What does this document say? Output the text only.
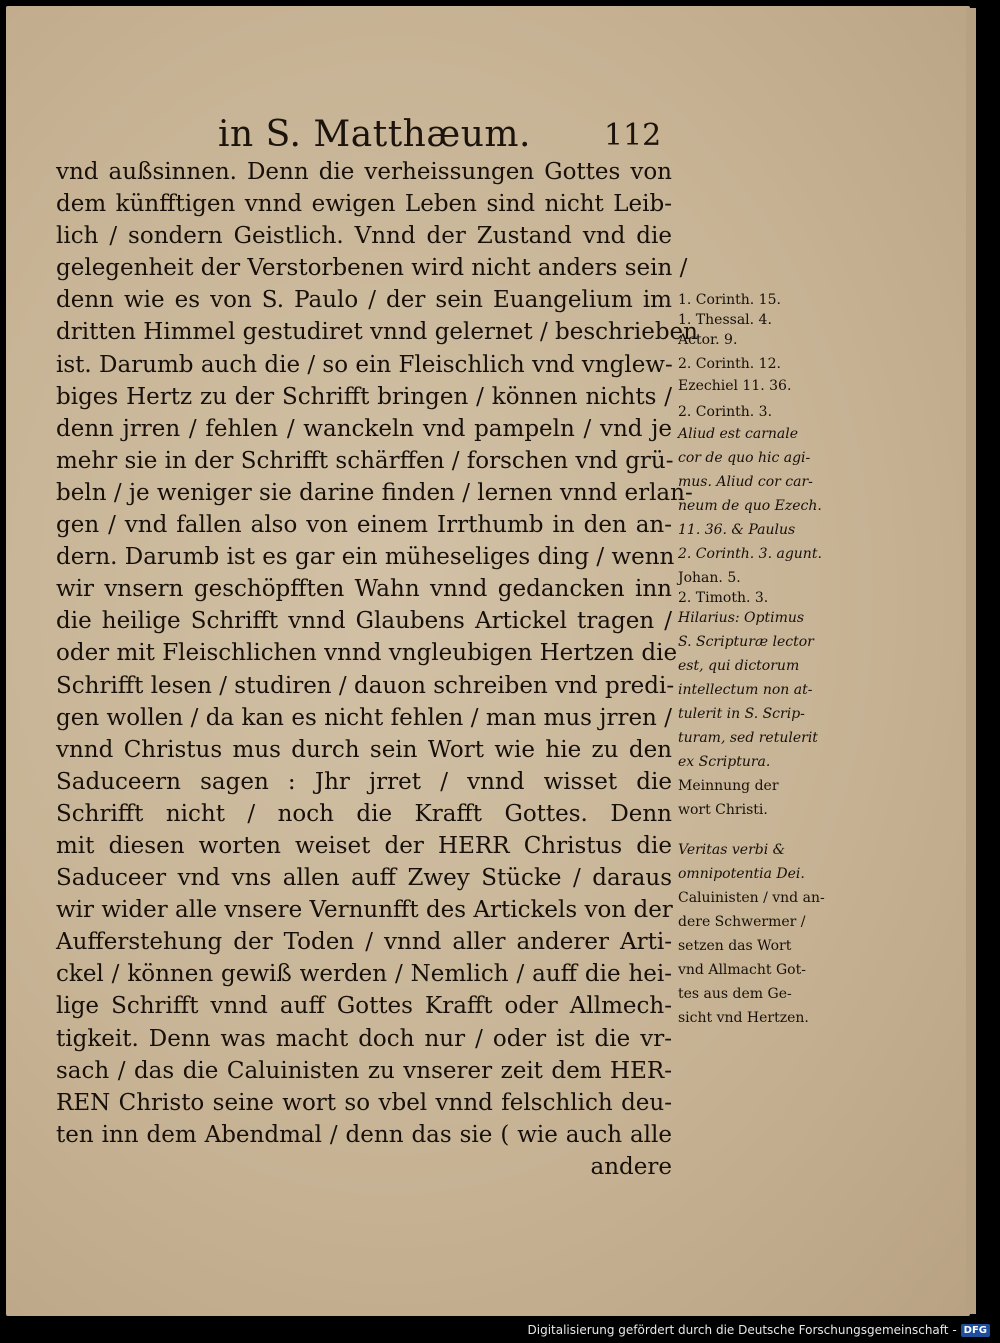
in S. Matthæum. 112
vnd außsinnen. Denn die verheissungen Gottes von
dem künfftigen vnnd ewigen Leben sind nicht Leib-
lich / sondern Geistlich. Vnnd der Zustand vnd die
gelegenheit der Verstorbenen wird nicht anders sein /
denn wie es von S. Paulo / der sein Euangelium im
dritten Himmel gestudiret vnnd gelernet / beschrieben
ist. Darumb auch die / so ein Fleischlich vnd vnglew-
biges Hertz zu der Schrifft bringen / können nichts /
denn jrren / fehlen / wanckeln vnd pampeln / vnd je
mehr sie in der Schrifft schärffen / forschen vnd grü-
beln / je weniger sie darine finden / lernen vnnd erlan-
gen / vnd fallen also von einem Irrthumb in den an-
dern. Darumb ist es gar ein müheseliges ding / wenn
wir vnsern geschöpfften Wahn vnnd gedancken inn
die heilige Schrifft vnnd Glaubens Artickel tragen /
oder mit Fleischlichen vnnd vngleubigen Hertzen die
Schrifft lesen / studiren / dauon schreiben vnd predi-
gen wollen / da kan es nicht fehlen / man mus jrren /
vnnd Christus mus durch sein Wort wie hie zu den
Saduceern sagen : Jhr jrret / vnnd wisset die
Schrifft nicht / noch die Krafft Gottes. Denn
mit diesen worten weiset der HERR Christus die
Saduceer vnd vns allen auff Zwey Stücke / daraus
wir wider alle vnsere Vernunfft des Artickels von der
Aufferstehung der Toden / vnnd aller anderer Arti-
ckel / können gewiß werden / Nemlich / auff die hei-
lige Schrifft vnnd auff Gottes Krafft oder Allmech-
tigkeit. Denn was macht doch nur / oder ist die vr-
sach / das die Caluinisten zu vnserer zeit dem HER-
REN Christo seine wort so vbel vnnd felschlich deu-
ten inn dem Abendmal / denn das sie ( wie auch alle
andere
1. Corinth. 15.
1. Thessal. 4.
Actor. 9.
2. Corinth. 12.
Ezechiel 11. 36.
2. Corinth. 3.
Aliud est carnale
cor de quo hic agi-
mus. Aliud cor car-
neum de quo Ezech.
11. 36. & Paulus
2. Corinth. 3. agunt.
Johan. 5.
2. Timoth. 3.
Hilarius: Optimus
S. Scripturæ lector
est, qui dictorum
intellectum non at-
tulerit in S. Scrip-
turam, sed retulerit
ex Scriptura.
Meinnung der
wort Christi.
Veritas verbi &
omnipotentia Dei.
Caluinisten / vnd an-
dere Schwermer /
setzen das Wort
vnd Allmacht Got-
tes aus dem Ge-
sicht vnd Hertzen.
Digitalisierung gefördert durch die Deutsche Forschungsgemeinschaft - DFG
